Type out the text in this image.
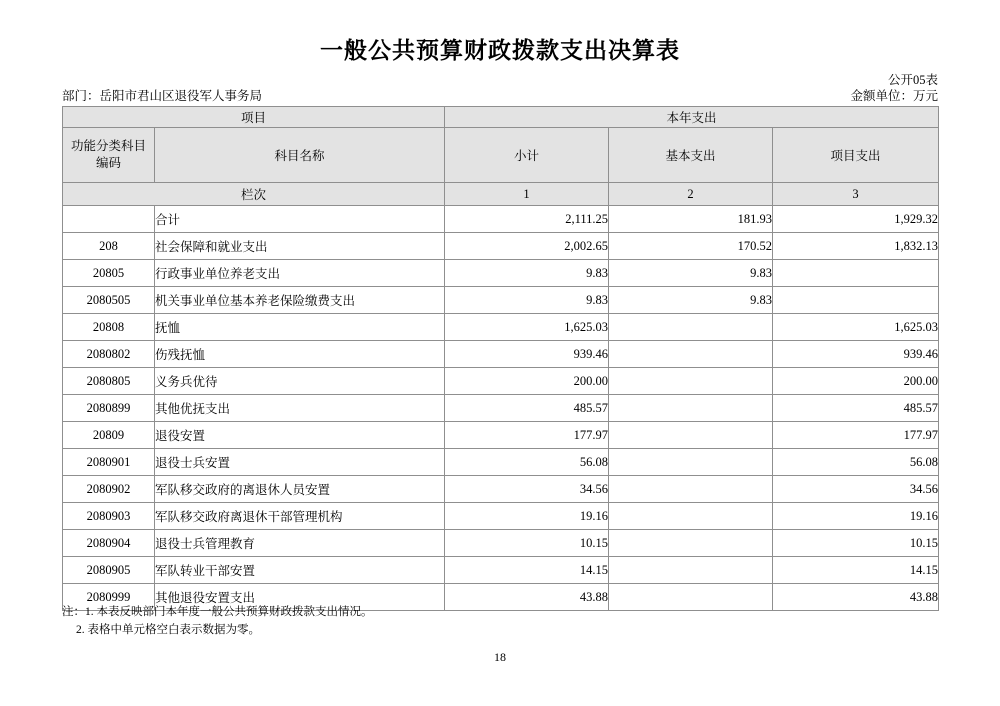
一般公共预算财政拨款支出决算表
公开05表
部门：岳阳市君山区退役军人事务局	金额单位：万元
项目		本年支出		

功能分类科目
编码	科目名称	小计	基本支出	项目支出
栏次		1	2	3
	合计	2,111.25	181.93	1,929.32
208	社会保障和就业支出	2,002.65	170.52	1,832.13
20805	行政事业单位养老支出	9.83	9.83	
2080505	机关事业单位基本养老保险缴费支出	9.83	9.83	
20808	抚恤	1,625.03		1,625.03
2080802	伤残抚恤	939.46		939.46
2080805	义务兵优待	200.00		200.00
2080899	其他优抚支出	485.57		485.57
20809	退役安置	177.97		177.97
2080901	退役士兵安置	56.08		56.08
2080902	军队移交政府的离退休人员安置	34.56		34.56
2080903	军队移交政府离退休干部管理机构	19.16		19.16
2080904	退役士兵管理教育	10.15		10.15
2080905	军队转业干部安置	14.15		14.15
2080999	其他退役安置支出	43.88		43.88
注：1. 本表反映部门本年度一般公共预算财政拨款支出情况。
2. 表格中单元格空白表示数据为零。
18
